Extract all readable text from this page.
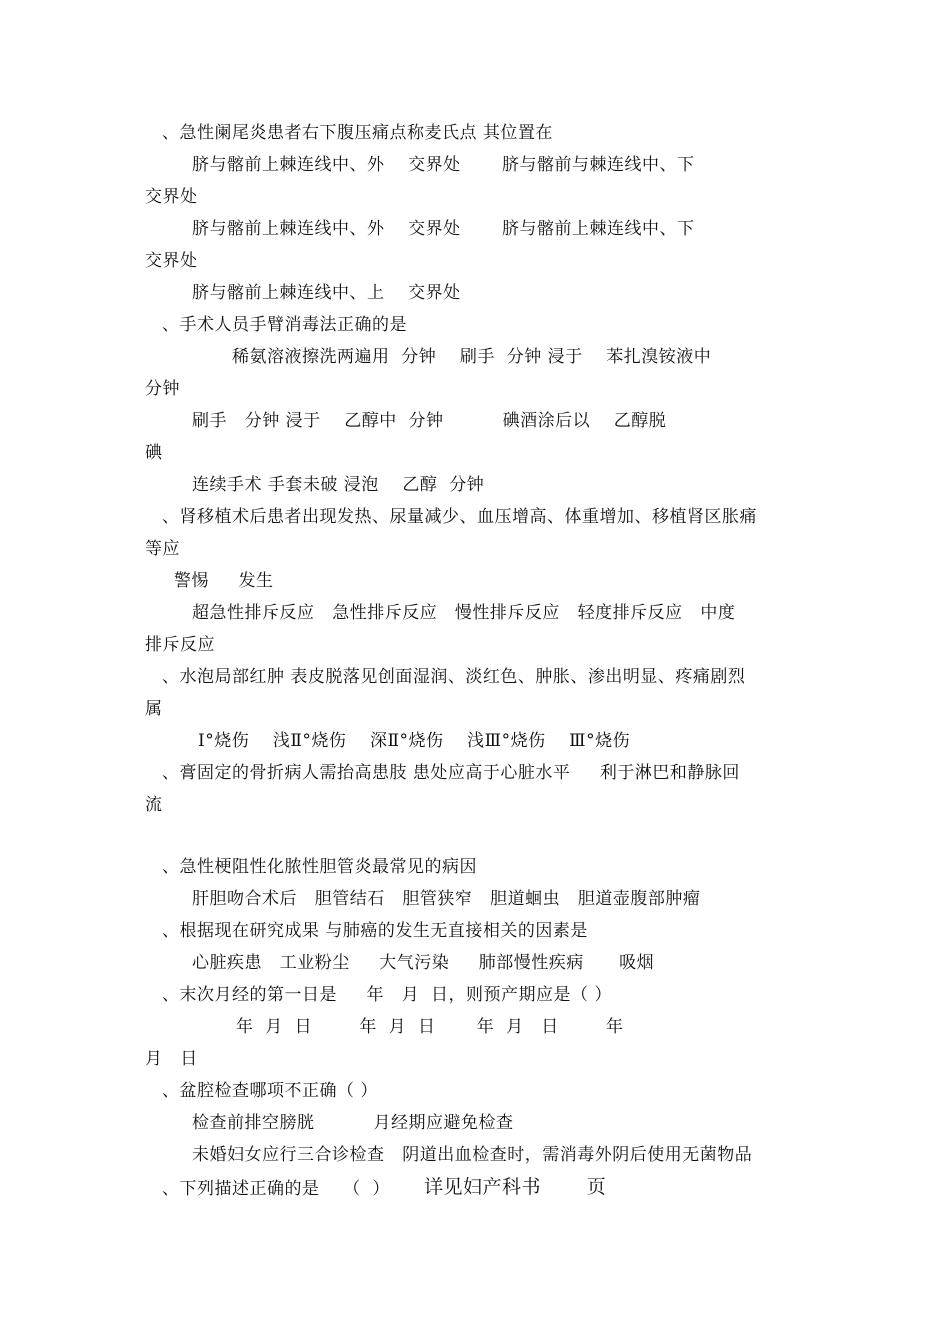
、急性阑尾炎患者右下腹压痛点称麦氏点 其位置在
脐与髂前上棘连线中、外    交界处       脐与髂前与棘连线中、下
交界处
脐与髂前上棘连线中、外    交界处       脐与髂前上棘连线中、下
交界处
脐与髂前上棘连线中、上    交界处
、手术人员手臂消毒法正确的是
稀氨溶液擦洗两遍用  分钟    刷手  分钟 浸于    苯扎溴铵液中
分钟
刷手   分钟 浸于    乙醇中  分钟          碘酒涂后以    乙醇脱
碘
连续手术 手套未破 浸泡    乙醇  分钟
、肾移植术后患者出现发热、尿量减少、血压增高、体重增加、移植肾区胀痛
等应
警惕     发生
超急性排斥反应   急性排斥反应   慢性排斥反应   轻度排斥反应   中度
排斥反应
、水泡局部红肿 表皮脱落见创面湿润、淡红色、肿胀、渗出明显、疼痛剧烈
属
I°烧伤    浅Ⅱ°烧伤    深Ⅱ°烧伤    浅Ⅲ°烧伤    Ⅲ°烧伤
、膏固定的骨折病人需抬高患肢 患处应高于心脏水平     利于淋巴和静脉回
流
、急性梗阻性化脓性胆管炎最常见的病因
肝胆吻合术后   胆管结石   胆管狭窄   胆道蛔虫   胆道壶腹部肿瘤
、根据现在研究成果 与肺癌的发生无直接相关的因素是
心脏疾患   工业粉尘     大气污染     肺部慢性疾病      吸烟
、末次月经的第一日是     年   月  日，则预产期应是（ ）
年  月  日        年  月  日       年  月   日        年
月   日
、盆腔检查哪项不正确（ ）
检查前排空膀胱          月经期应避免检查
未婚妇女应行三合诊检查   阴道出血检查时，需消毒外阴后使用无菌物品
、下列描述正确的是    （  ） 详见妇产科书       页
